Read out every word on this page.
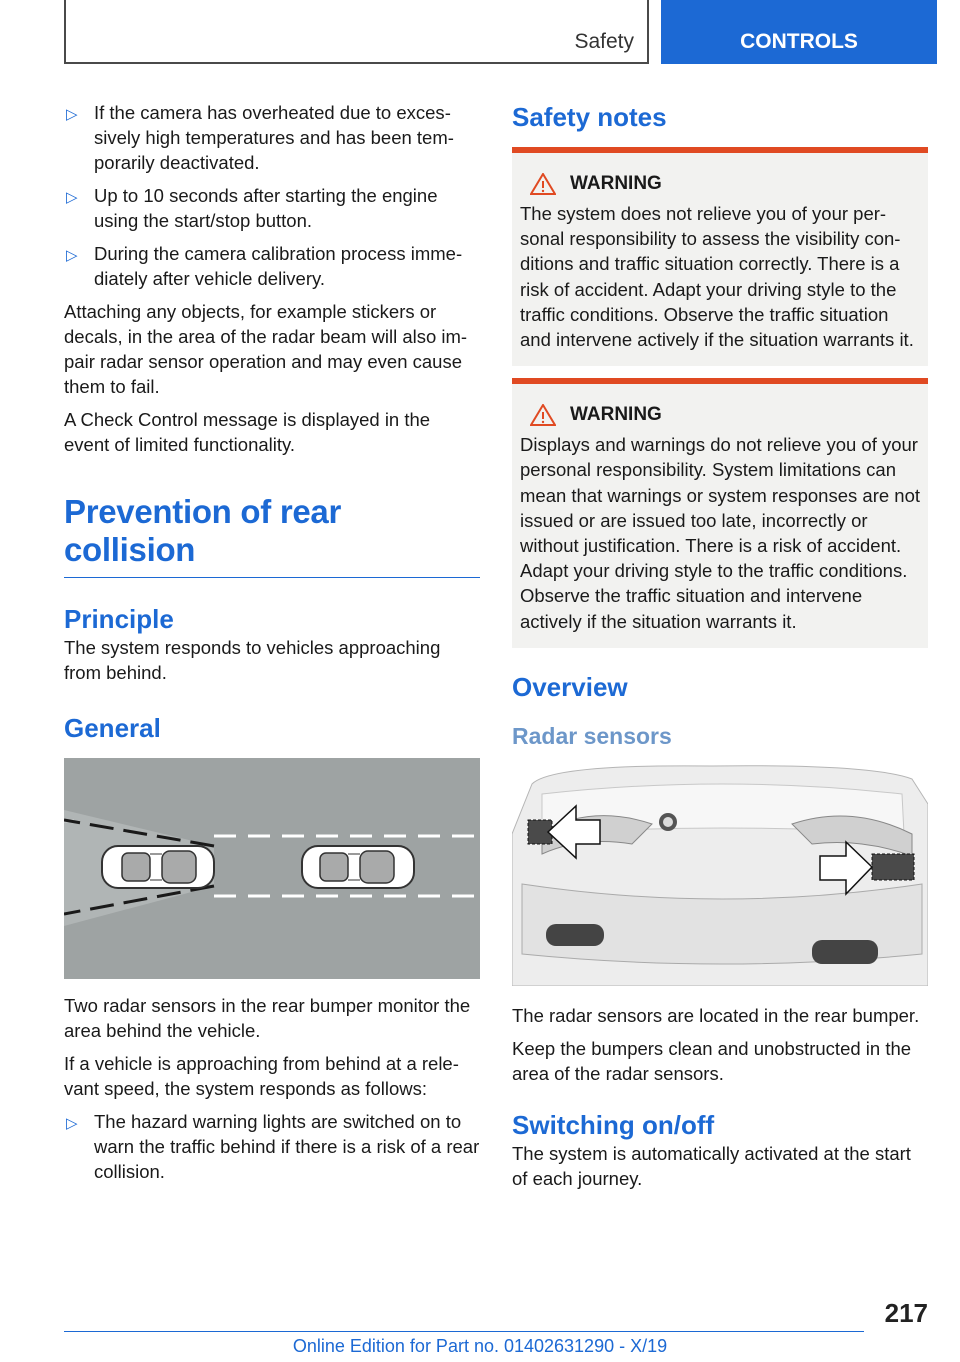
Safety	CONTROLS
▷ If the camera has overheated due to excessively high temperatures and has been temporarily deactivated.
▷ Up to 10 seconds after starting the engine using the start/stop button.
▷ During the camera calibration process immediately after vehicle delivery.

Attaching any objects, for example stickers or decals, in the area of the radar beam will also impair radar sensor operation and may even cause them to fail.

A Check Control message is displayed in the event of limited functionality.

Prevention of rear collision
Principle

The system responds to vehicles approaching from behind.

General

Two radar sensors in the rear bumper monitor the area behind the vehicle.

If a vehicle is approaching from behind at a relevant speed, the system responds as follows:

▷ The hazard warning lights are switched on to warn the traffic behind if there is a risk of a rear collision.
Safety notes
WARNING
The system does not relieve you of your personal responsibility to assess the visibility conditions and traffic situation correctly. There is a risk of accident. Adapt your driving style to the traffic conditions. Observe the traffic situation and intervene actively if the situation warrants it.
WARNING
Displays and warnings do not relieve you of your personal responsibility. System limitations can mean that warnings or system responses are not issued or are issued too late, incorrectly or without justification. There is a risk of accident. Adapt your driving style to the traffic conditions. Observe the traffic situation and intervene actively if the situation warrants it.
Overview
Radar sensors

The radar sensors are located in the rear bumper.

Keep the bumpers clean and unobstructed in the area of the radar sensors.

Switching on/off

The system is automatically activated at the start of each journey.

217
Online Edition for Part no. 01402631290 - X/19
